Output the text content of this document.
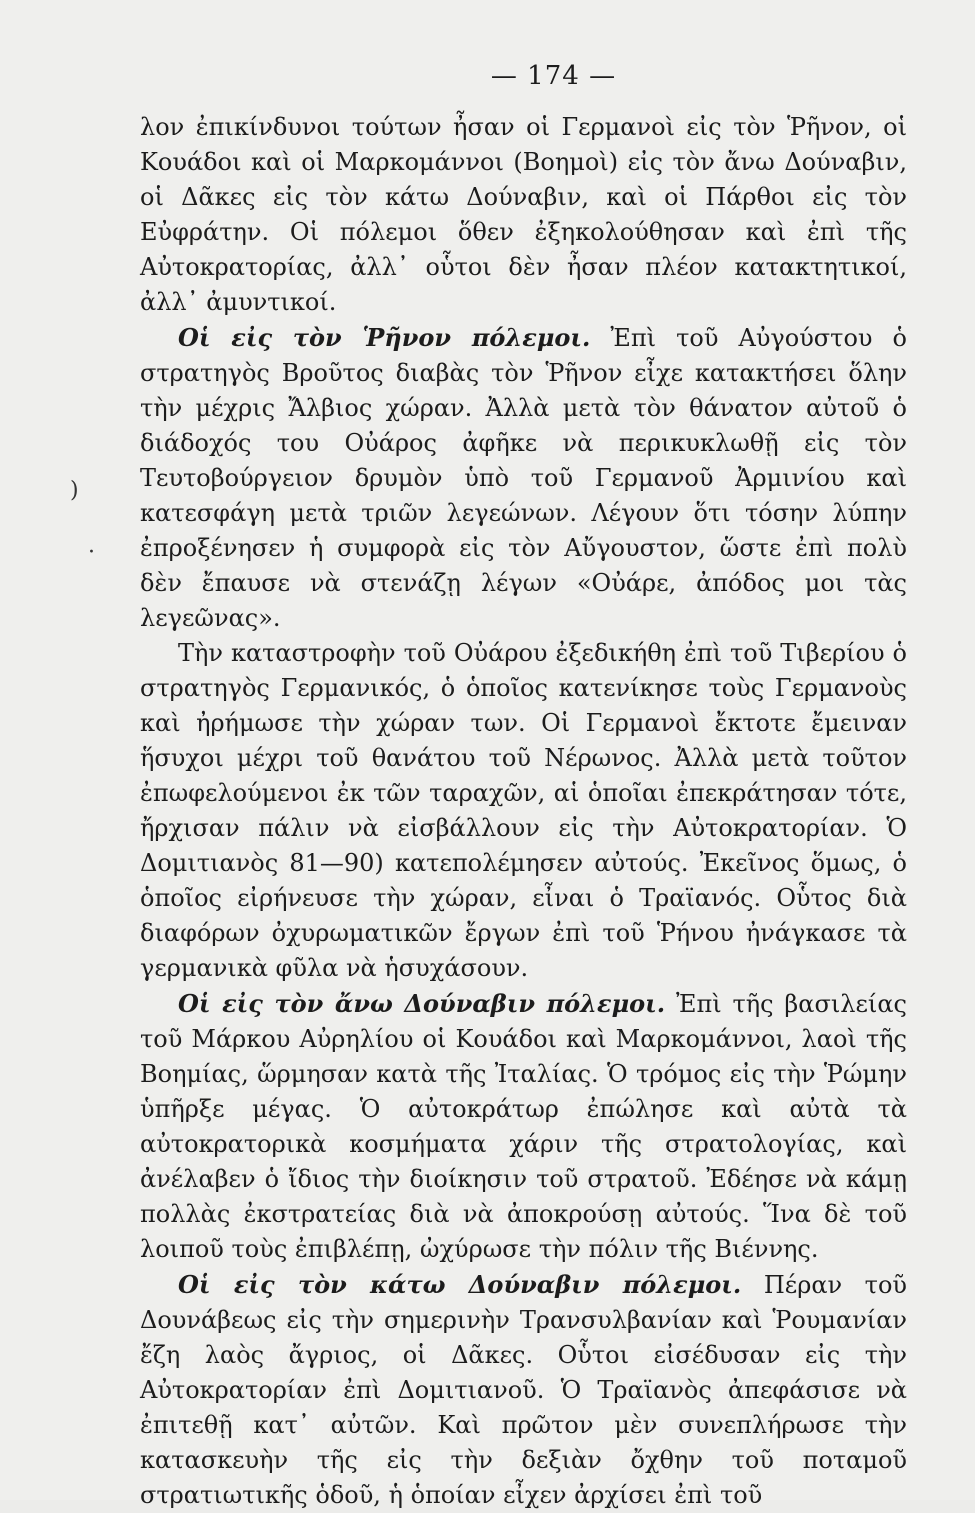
— 174 —

λον ἐπικίνδυνοι τούτων ἦσαν οἱ Γερμανοὶ εἰς τὸν Ῥῆνον, οἱ Κουάδοι καὶ οἱ Μαρκομάννοι (Βοημοὶ) εἰς τὸν ἄνω Δούναβιν, οἱ Δᾶκες εἰς τὸν κάτω Δούναβιν, καὶ οἱ Πάρθοι εἰς τὸν Εὐφράτην. Οἱ πόλεμοι ὅθεν ἐξηκολούθησαν καὶ ἐπὶ τῆς Αὐτοκρατορίας, ἀλλ᾽ οὗτοι δὲν ἦσαν πλέον κατακτητικοί, ἀλλ᾽ ἀμυντικοί.

Οἱ εἰς τὸν Ῥῆνον πόλεμοι. Ἐπὶ τοῦ Αὐγούστου ὁ στρατηγὸς Βροῦτος διαβὰς τὸν Ῥῆνον εἶχε κατακτήσει ὅλην τὴν μέχρις Ἄλβιος χώραν. Ἀλλὰ μετὰ τὸν θάνατον αὐτοῦ ὁ διάδοχός του Οὐάρος ἀφῆκε νὰ περικυκλωθῇ εἰς τὸν Τευτοβούργειον δρυμὸν ὑπὸ τοῦ Γερμανοῦ Ἀρμινίου καὶ κατεσφάγη μετὰ τριῶν λεγεώνων. Λέγουν ὅτι τόσην λύπην ἐπροξένησεν ἡ συμφορὰ εἰς τὸν Αὔγουστον, ὥστε ἐπὶ πολὺ δὲν ἔπαυσε νὰ στενάζῃ λέγων «Οὐάρε, ἀπόδος μοι τὰς λεγεῶνας».

Τὴν καταστροφὴν τοῦ Οὐάρου ἐξεδικήθη ἐπὶ τοῦ Τιβερίου ὁ στρατηγὸς Γερμανικός, ὁ ὁποῖος κατενίκησε τοὺς Γερμανοὺς καὶ ἠρήμωσε τὴν χώραν των. Οἱ Γερμανοὶ ἔκτοτε ἔμειναν ἥσυχοι μέχρι τοῦ θανάτου τοῦ Νέρωνος. Ἀλλὰ μετὰ τοῦτον ἐπωφελούμενοι ἐκ τῶν ταραχῶν, αἱ ὁποῖαι ἐπεκράτησαν τότε, ἤρχισαν πάλιν νὰ εἰσβάλλουν εἰς τὴν Αὐτοκρατορίαν. Ὁ Δομιτιανὸς 81—90) κατεπολέμησεν αὐτούς. Ἐκεῖνος ὅμως, ὁ ὁποῖος εἰρήνευσε τὴν χώραν, εἶναι ὁ Τραϊανός. Οὗτος διὰ διαφόρων ὀχυρωματικῶν ἔργων ἐπὶ τοῦ Ῥήνου ἠνάγκασε τὰ γερμανικὰ φῦλα νὰ ἡσυχάσουν.

Οἱ εἰς τὸν ἄνω Δούναβιν πόλεμοι. Ἐπὶ τῆς βασιλείας τοῦ Μάρκου Αὐρηλίου οἱ Κουάδοι καὶ Μαρκομάννοι, λαοὶ τῆς Βοημίας, ὥρμησαν κατὰ τῆς Ἰταλίας. Ὁ τρόμος εἰς τὴν Ῥώμην ὑπῆρξε μέγας. Ὁ αὐτοκράτωρ ἐπώλησε καὶ αὐτὰ τὰ αὐτοκρατορικὰ κοσμήματα χάριν τῆς στρατολογίας, καὶ ἀνέλαβεν ὁ ἴδιος τὴν διοίκησιν τοῦ στρατοῦ. Ἐδέησε νὰ κάμῃ πολλὰς ἐκστρατείας διὰ νὰ ἀποκρούσῃ αὐτούς. Ἵνα δὲ τοῦ λοιποῦ τοὺς ἐπιβλέπῃ, ὠχύρωσε τὴν πόλιν τῆς Βιέννης.

Οἱ εἰς τὸν κάτω Δούναβιν πόλεμοι. Πέραν τοῦ Δουνάβεως εἰς τὴν σημερινὴν Τρανσυλβανίαν καὶ Ῥουμανίαν ἔζη λαὸς ἄγριος, οἱ Δᾶκες. Οὗτοι εἰσέδυσαν εἰς τὴν Αὐτοκρατορίαν ἐπὶ Δομιτιανοῦ. Ὁ Τραϊανὸς ἀπεφάσισε νὰ ἐπιτεθῇ κατ᾽ αὐτῶν. Καὶ πρῶτον μὲν συνεπλήρωσε τὴν κατασκευὴν τῆς εἰς τὴν δεξιὰν ὄχθην τοῦ ποταμοῦ στρατιωτικῆς ὁδοῦ, ἡ ὁποίαν εἶχεν ἀρχίσει ἐπὶ τοῦ

)
·
